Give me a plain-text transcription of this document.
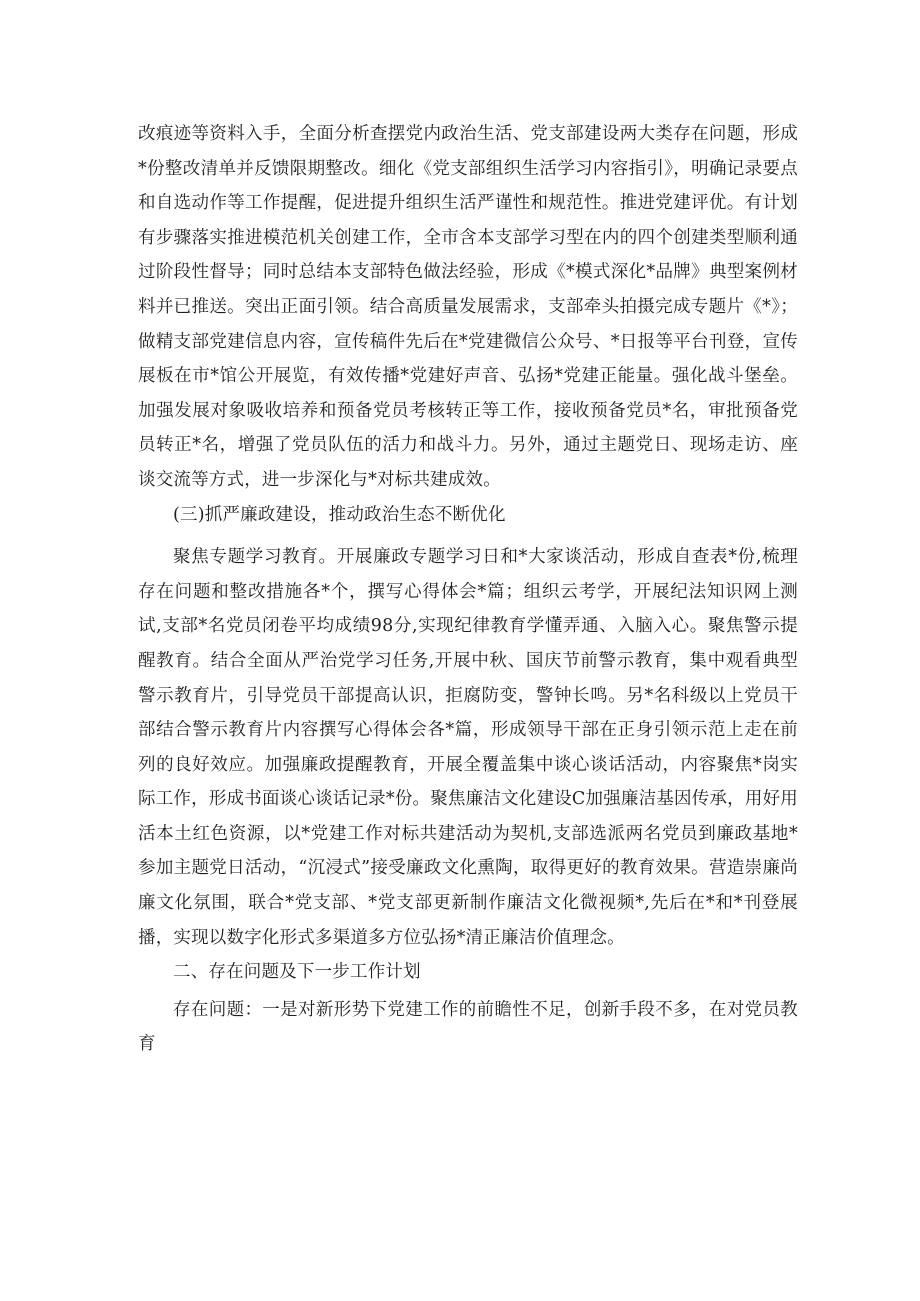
改痕迹等资料入手，全面分析查摆党内政治生活、党支部建设两大类存在问题，形成*份整改清单并反馈限期整改。细化《党支部组织生活学习内容指引》，明确记录要点和自选动作等工作提醒，促进提升组织生活严谨性和规范性。推进党建评优。有计划有步骤落实推进模范机关创建工作，全市含本支部学习型在内的四个创建类型顺利通过阶段性督导；同时总结本支部特色做法经验，形成《*模式深化*品牌》典型案例材料并已推送。突出正面引领。结合高质量发展需求，支部牵头拍摄完成专题片《*》；做精支部党建信息内容，宣传稿件先后在*党建微信公众号、*日报等平台刊登，宣传展板在市*馆公开展览，有效传播*党建好声音、弘扬*党建正能量。强化战斗堡垒。加强发展对象吸收培养和预备党员考核转正等工作，接收预备党员*名，审批预备党员转正*名，增强了党员队伍的活力和战斗力。另外，通过主题党日、现场走访、座谈交流等方式，进一步深化与*对标共建成效。

(三)抓严廉政建设，推动政治生态不断优化

聚焦专题学习教育。开展廉政专题学习日和*大家谈活动，形成自查表*份,梳理存在问题和整改措施各*个，撰写心得体会*篇；组织云考学，开展纪法知识网上测试,支部*名党员闭卷平均成绩98分,实现纪律教育学懂弄通、入脑入心。聚焦警示提醒教育。结合全面从严治党学习任务,开展中秋、国庆节前警示教育，集中观看典型警示教育片，引导党员干部提高认识，拒腐防变，警钟长鸣。另*名科级以上党员干部结合警示教育片内容撰写心得体会各*篇，形成领导干部在正身引领示范上走在前列的良好效应。加强廉政提醒教育，开展全覆盖集中谈心谈话活动，内容聚焦*岗实际工作，形成书面谈心谈话记录*份。聚焦廉洁文化建设C加强廉洁基因传承，用好用活本土红色资源，以*党建工作对标共建活动为契机,支部选派两名党员到廉政基地*参加主题党日活动，“沉浸式”接受廉政文化熏陶，取得更好的教育效果。营造崇廉尚廉文化氛围，联合*党支部、*党支部更新制作廉洁文化微视频*,先后在*和*刊登展播，实现以数字化形式多渠道多方位弘扬*清正廉洁价值理念。

二、存在问题及下一步工作计划

存在问题：一是对新形势下党建工作的前瞻性不足，创新手段不多，在对党员教育
